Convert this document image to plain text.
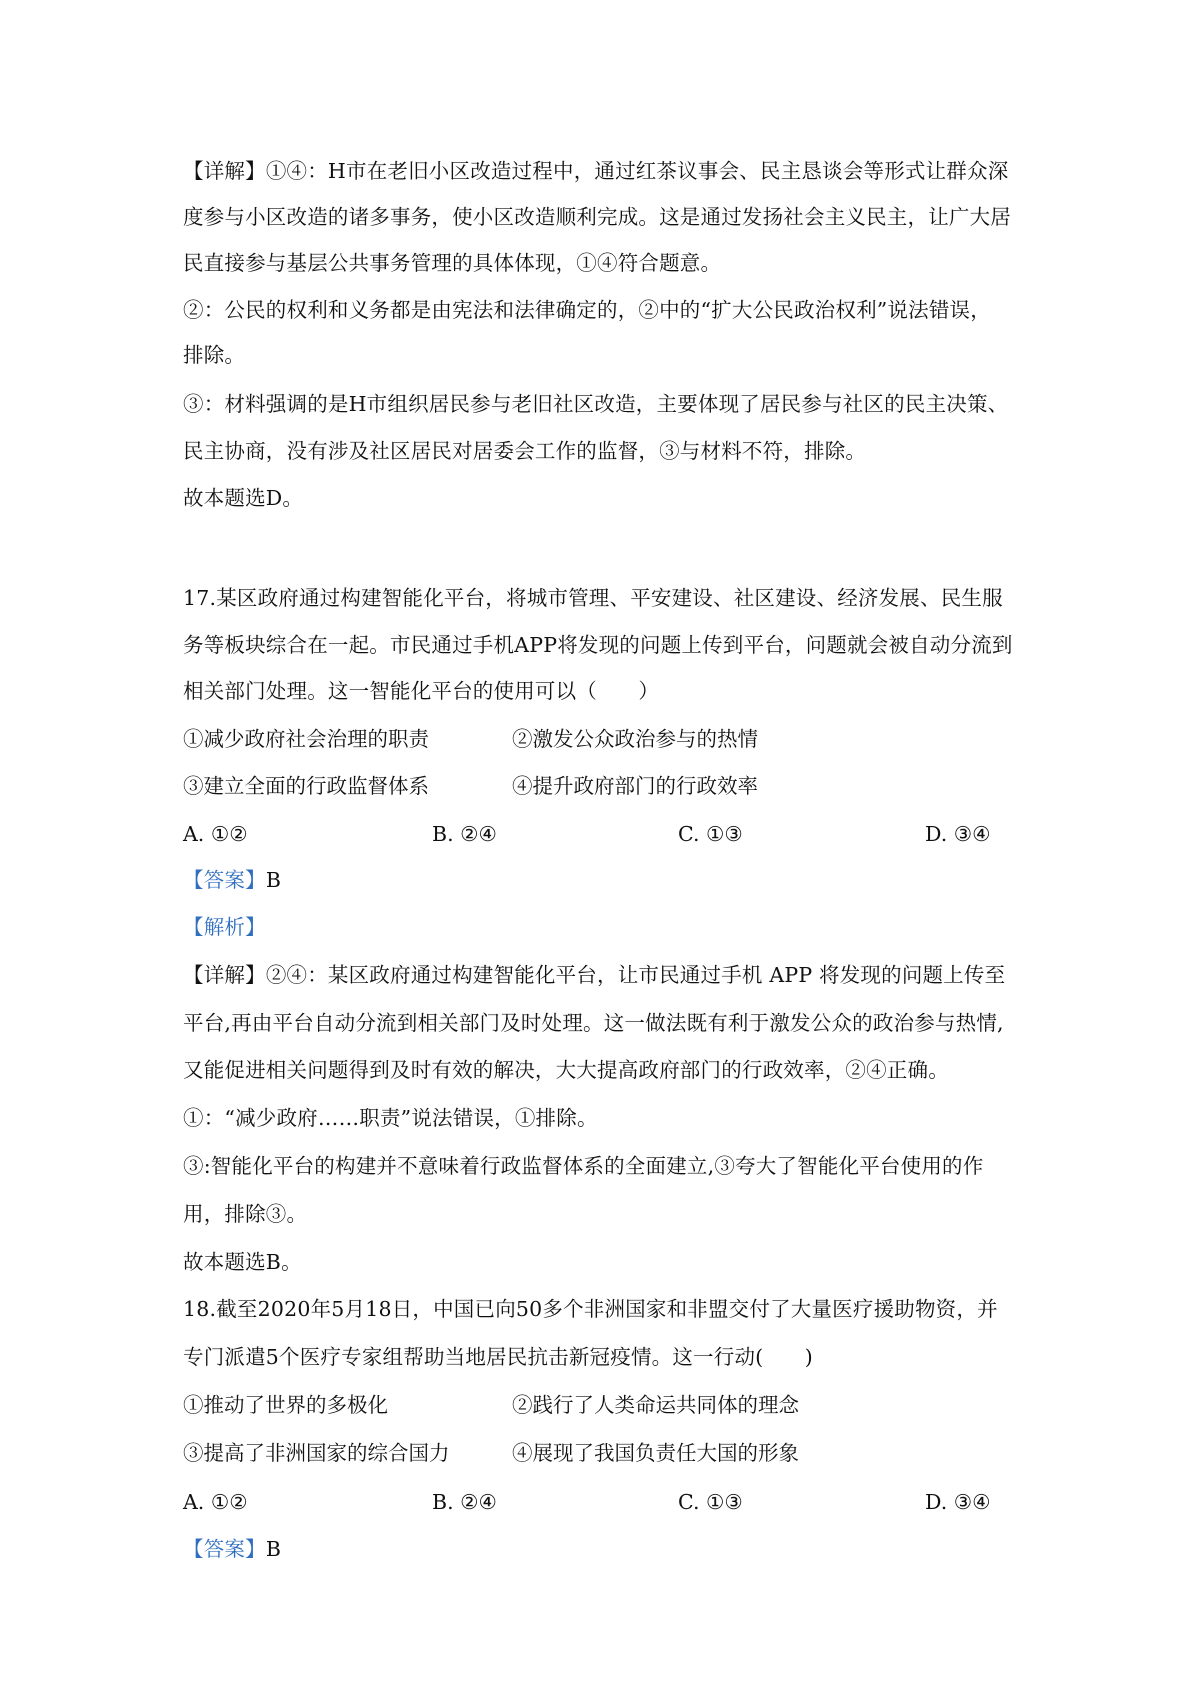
【详解】①④：H市在老旧小区改造过程中，通过红茶议事会、民主恳谈会等形式让群众深
度参与小区改造的诸多事务，使小区改造顺利完成。这是通过发扬社会主义民主，让广大居
民直接参与基层公共事务管理的具体体现，①④符合题意。
②：公民的权利和义务都是由宪法和法律确定的，②中的“扩大公民政治权利”说法错误，
排除。
③：材料强调的是H市组织居民参与老旧社区改造，主要体现了居民参与社区的民主决策、
民主协商，没有涉及社区居民对居委会工作的监督，③与材料不符，排除。
故本题选D。
17.某区政府通过构建智能化平台，将城市管理、平安建设、社区建设、经济发展、民生服
务等板块综合在一起。市民通过手机APP将发现的问题上传到平台，问题就会被自动分流到
相关部门处理。这一智能化平台的使用可以（　　）
①减少政府社会治理的职责	②激发公众政治参与的热情
③建立全面的行政监督体系	④提升政府部门的行政效率
A. ①②	B. ②④	C. ①③	D. ③④
【答案】B
【解析】
【详解】②④：某区政府通过构建智能化平台，让市民通过手机 APP 将发现的问题上传至
平台,再由平台自动分流到相关部门及时处理。这一做法既有利于激发公众的政治参与热情,
又能促进相关问题得到及时有效的解决，大大提高政府部门的行政效率，②④正确。
①：“减少政府……职责”说法错误，①排除。
③:智能化平台的构建并不意味着行政监督体系的全面建立,③夸大了智能化平台使用的作
用，排除③。
故本题选B。
18.截至2020年5月18日，中国已向50多个非洲国家和非盟交付了大量医疗援助物资，并
专门派遣5个医疗专家组帮助当地居民抗击新冠疫情。这一行动(　　)
①推动了世界的多极化	②践行了人类命运共同体的理念
③提高了非洲国家的综合国力	④展现了我国负责任大国的形象
A. ①②	B. ②④	C. ①③	D. ③④
【答案】B
